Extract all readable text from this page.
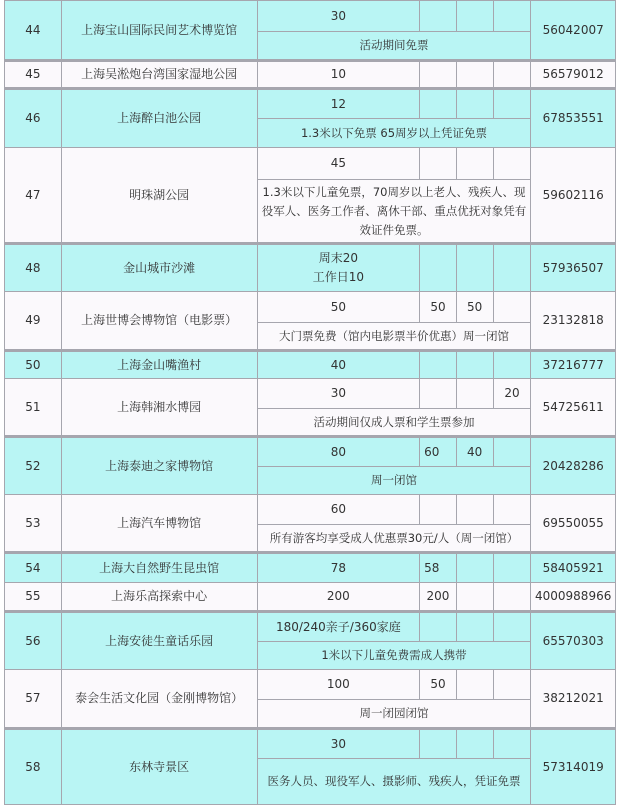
44	上海宝山国际民间艺术博览馆	30				56042007
		活动期间免票				
45	上海吴淞炮台湾国家湿地公园	10				56579012
46	上海醉白池公园	12				67853551
		1.3米以下免票 65周岁以上凭证免票				
47	明珠湖公园	45				59602116
		1.3米以下儿童免票，70周岁以上老人、残疾人、现役军人、医务工作者、离休干部、重点优抚对象凭有效证件免票。				
48	金山城市沙滩	周末20
工作日10				57936507
49	上海世博会博物馆（电影票）	50	50	50		23132818
		大门票免费（馆内电影票半价优惠）周一闭馆				
50	上海金山嘴渔村	40				37216777
51	上海韩湘水博园	30			20	54725611
		活动期间仅成人票和学生票参加				
52	上海泰迪之家博物馆	80	60	40		20428286
		周一闭馆				
53	上海汽车博物馆	60				69550055
		所有游客均享受成人优惠票30元/人（周一闭馆）				
54	上海大自然野生昆虫馆	78	58			58405921
55	上海乐高探索中心	200	200			4000988966
56	上海安徒生童话乐园	180/240亲子/360家庭				65570303
		1米以下儿童免费需成人携带				
57	泰会生活文化园（金刚博物馆）	100	50			38212021
		周一闭园闭馆				
58	东林寺景区	30				57314019
		医务人员、现役军人、摄影师、残疾人，凭证免票				
